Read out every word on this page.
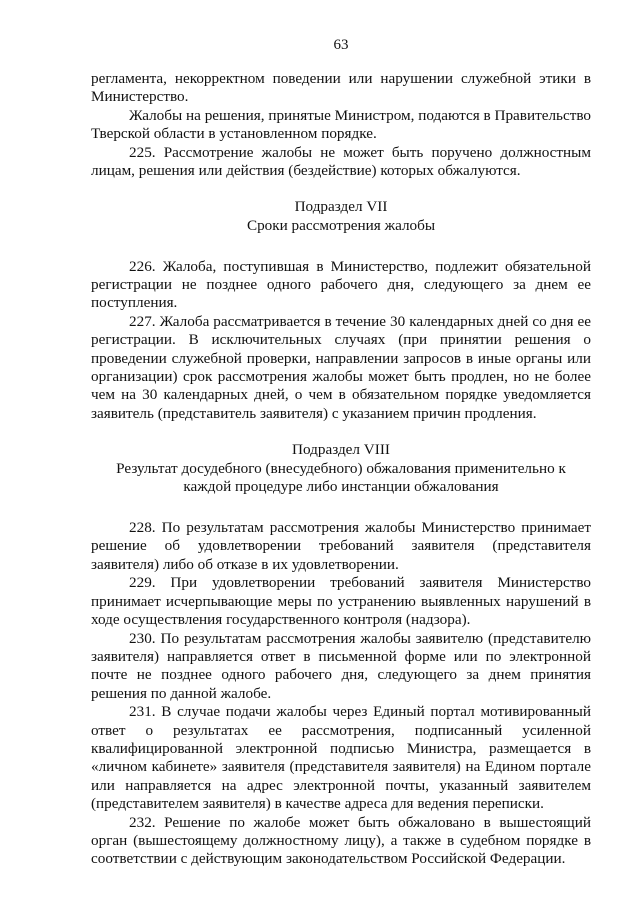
63

регламента, некорректном поведении или нарушении служебной этики в Министерство.

Жалобы на решения, принятые Министром, подаются в Правительство Тверской области в установленном порядке.

225. Рассмотрение жалобы не может быть поручено должностным лицам, решения или действия (бездействие) которых обжалуются.

Подраздел VII
Сроки рассмотрения жалобы

226. Жалоба, поступившая в Министерство, подлежит обязательной регистрации не позднее одного рабочего дня, следующего за днем ее поступления.

227. Жалоба рассматривается в течение 30 календарных дней со дня ее регистрации. В исключительных случаях (при принятии решения о проведении служебной проверки, направлении запросов в иные органы или организации) срок рассмотрения жалобы может быть продлен, но не более чем на 30 календарных дней, о чем в обязательном порядке уведомляется заявитель (представитель заявителя) с указанием причин продления.

Подраздел VIII
Результат досудебного (внесудебного) обжалования применительно к каждой процедуре либо инстанции обжалования

228. По результатам рассмотрения жалобы Министерство принимает решение об удовлетворении требований заявителя (представителя заявителя) либо об отказе в их удовлетворении.

229. При удовлетворении требований заявителя Министерство принимает исчерпывающие меры по устранению выявленных нарушений в ходе осуществления государственного контроля (надзора).

230. По результатам рассмотрения жалобы заявителю (представителю заявителя) направляется ответ в письменной форме или по электронной почте не позднее одного рабочего дня, следующего за днем принятия решения по данной жалобе.

231. В случае подачи жалобы через Единый портал мотивированный ответ о результатах ее рассмотрения, подписанный усиленной квалифицированной электронной подписью Министра, размещается в «личном кабинете» заявителя (представителя заявителя) на Едином портале или направляется на адрес электронной почты, указанный заявителем (представителем заявителя) в качестве адреса для ведения переписки.

232. Решение по жалобе может быть обжаловано в вышестоящий орган (вышестоящему должностному лицу), а также в судебном порядке в соответствии с действующим законодательством Российской Федерации.
